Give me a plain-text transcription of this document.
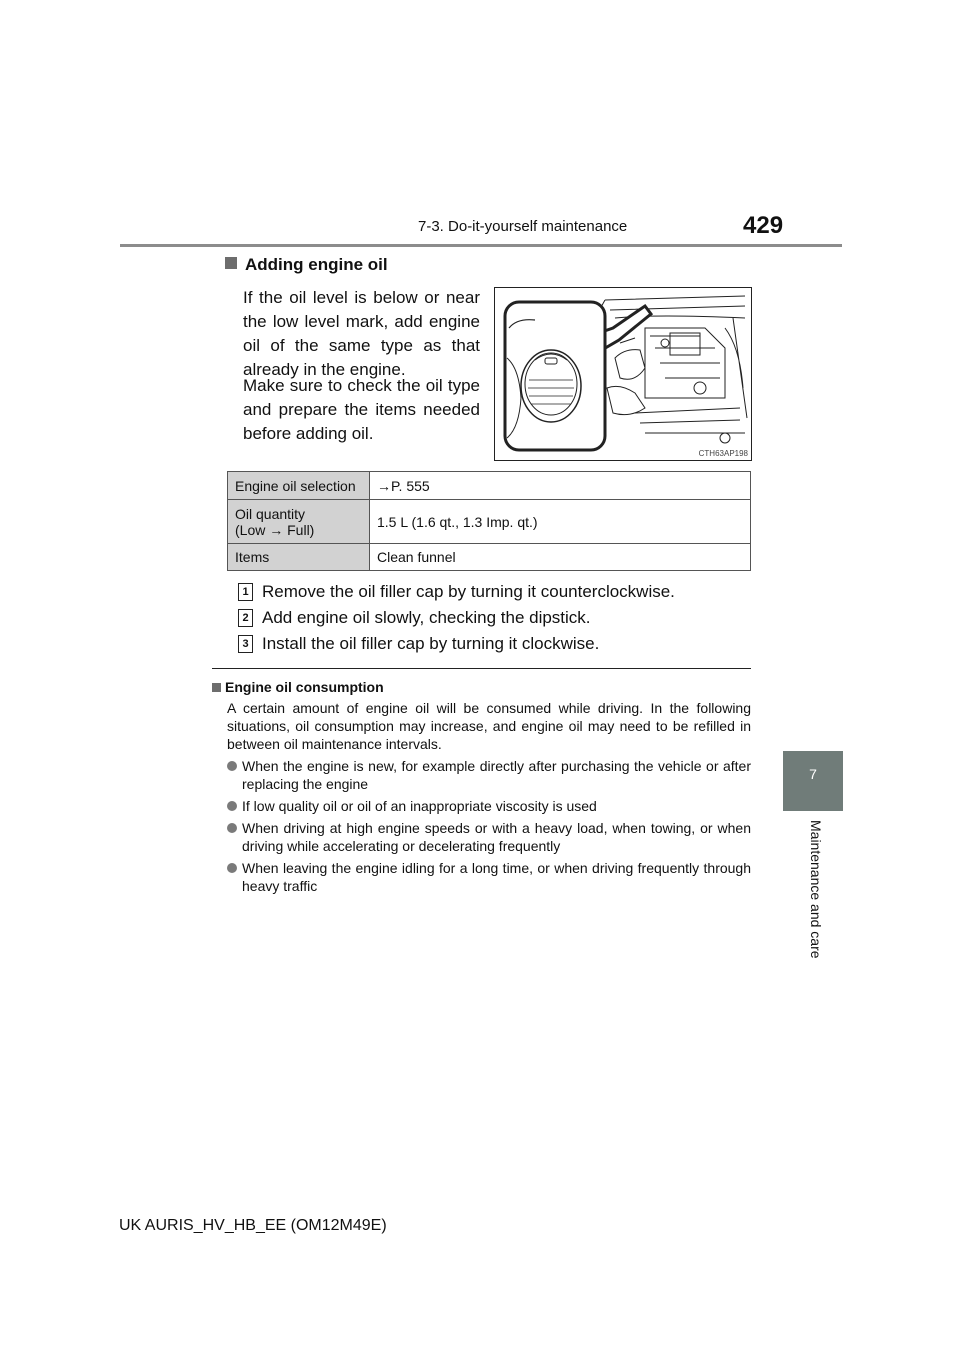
7-3. Do-it-yourself maintenance	429
7
Maintenance and care
Adding engine oil
If the oil level is below or near the low level mark, add engine oil of the same type as that already in the engine.
Make sure to check the oil type and prepare the items needed before adding oil.
CTH63AP198
Engine oil selection	→P. 555
Oil quantity
(Low → Full)	1.5 L (1.6 qt., 1.3 Imp. qt.)
Items	Clean funnel
1 Remove the oil filler cap by turning it counterclockwise.
2 Add engine oil slowly, checking the dipstick.
3 Install the oil filler cap by turning it clockwise.
Engine oil consumption
A certain amount of engine oil will be consumed while driving. In the following situations, oil consumption may increase, and engine oil may need to be refilled in between oil maintenance intervals.
When the engine is new, for example directly after purchasing the vehicle or after replacing the engine
If low quality oil or oil of an inappropriate viscosity is used
When driving at high engine speeds or with a heavy load, when towing, or when driving while accelerating or decelerating frequently
When leaving the engine idling for a long time, or when driving frequently through heavy traffic
UK AURIS_HV_HB_EE (OM12M49E)
